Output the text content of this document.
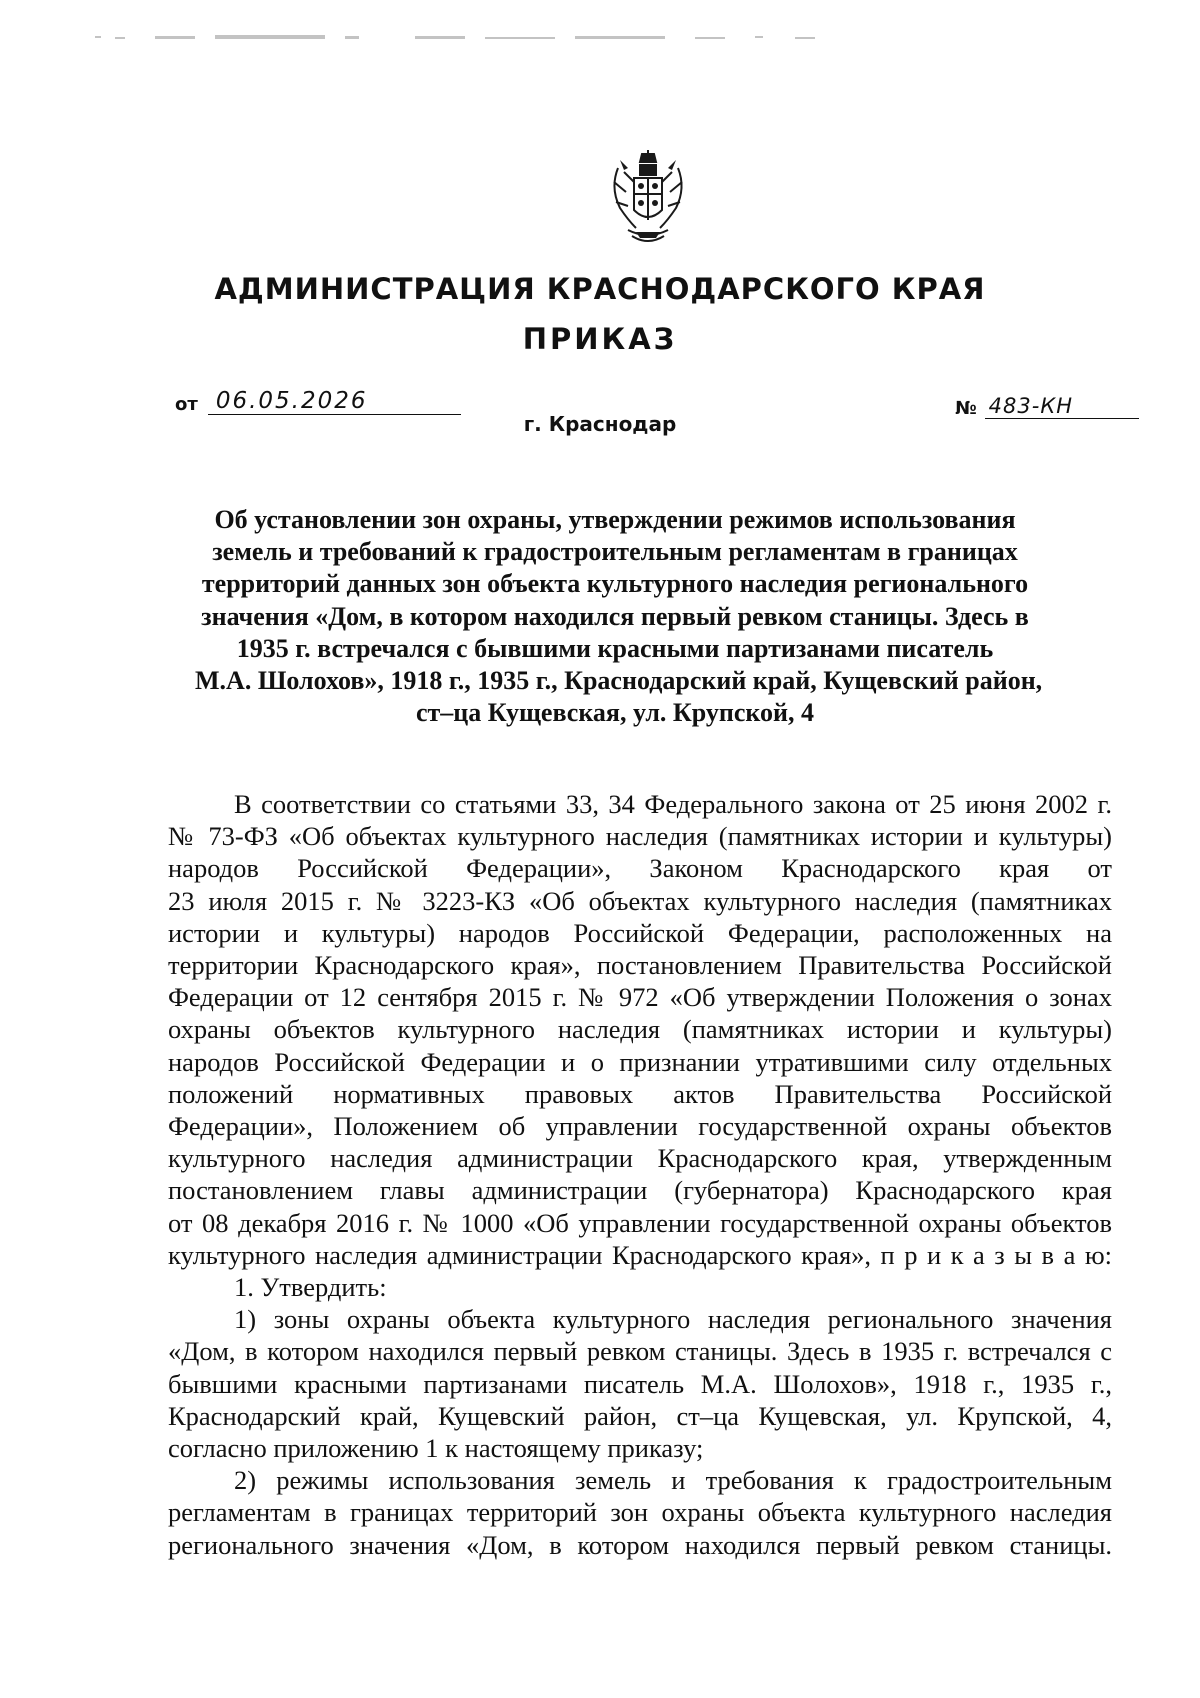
АДМИНИСТРАЦИЯ КРАСНОДАРСКОГО КРАЯ
ПРИКАЗ
от 06.05.2026	№ 483-КН
г. Краснодар
Об установлении зон охраны, утверждении режимов использования
земель и требований к градостроительным регламентам в границах
территорий данных зон объекта культурного наследия регионального
значения «Дом, в котором находился первый ревком станицы. Здесь в
1935 г. встречался с бывшими красными партизанами писатель
М.А. Шолохов», 1918 г., 1935 г., Краснодарский край, Кущевский район,
ст–ца Кущевская, ул. Крупской, 4
В соответствии со статьями 33, 34 Федерального закона от 25 июня 2002 г.
№ 73-ФЗ «Об объектах культурного наследия (памятниках истории и культуры)
народов Российской Федерации», Законом Краснодарского края от
23 июля 2015 г. № 3223-КЗ «Об объектах культурного наследия (памятниках
истории и культуры) народов Российской Федерации, расположенных на
территории Краснодарского края», постановлением Правительства Российской
Федерации от 12 сентября 2015 г. № 972 «Об утверждении Положения о зонах
охраны объектов культурного наследия (памятниках истории и культуры)
народов Российской Федерации и о признании утратившими силу отдельных
положений нормативных правовых актов Правительства Российской
Федерации», Положением об управлении государственной охраны объектов
культурного наследия администрации Краснодарского края, утвержденным
постановлением главы администрации (губернатора) Краснодарского края
от 08 декабря 2016 г. № 1000 «Об управлении государственной охраны объектов
культурного наследия администрации Краснодарского края», п р и к а з ы в а ю:
1. Утвердить:
1) зоны охраны объекта культурного наследия регионального значения
«Дом, в котором находился первый ревком станицы. Здесь в 1935 г. встречался с
бывшими красными партизанами писатель М.А. Шолохов», 1918 г., 1935 г.,
Краснодарский край, Кущевский район, ст–ца Кущевская, ул. Крупской, 4,
согласно приложению 1 к настоящему приказу;
2) режимы использования земель и требования к градостроительным
регламентам в границах территорий зон охраны объекта культурного наследия
регионального значения «Дом, в котором находился первый ревком станицы.
